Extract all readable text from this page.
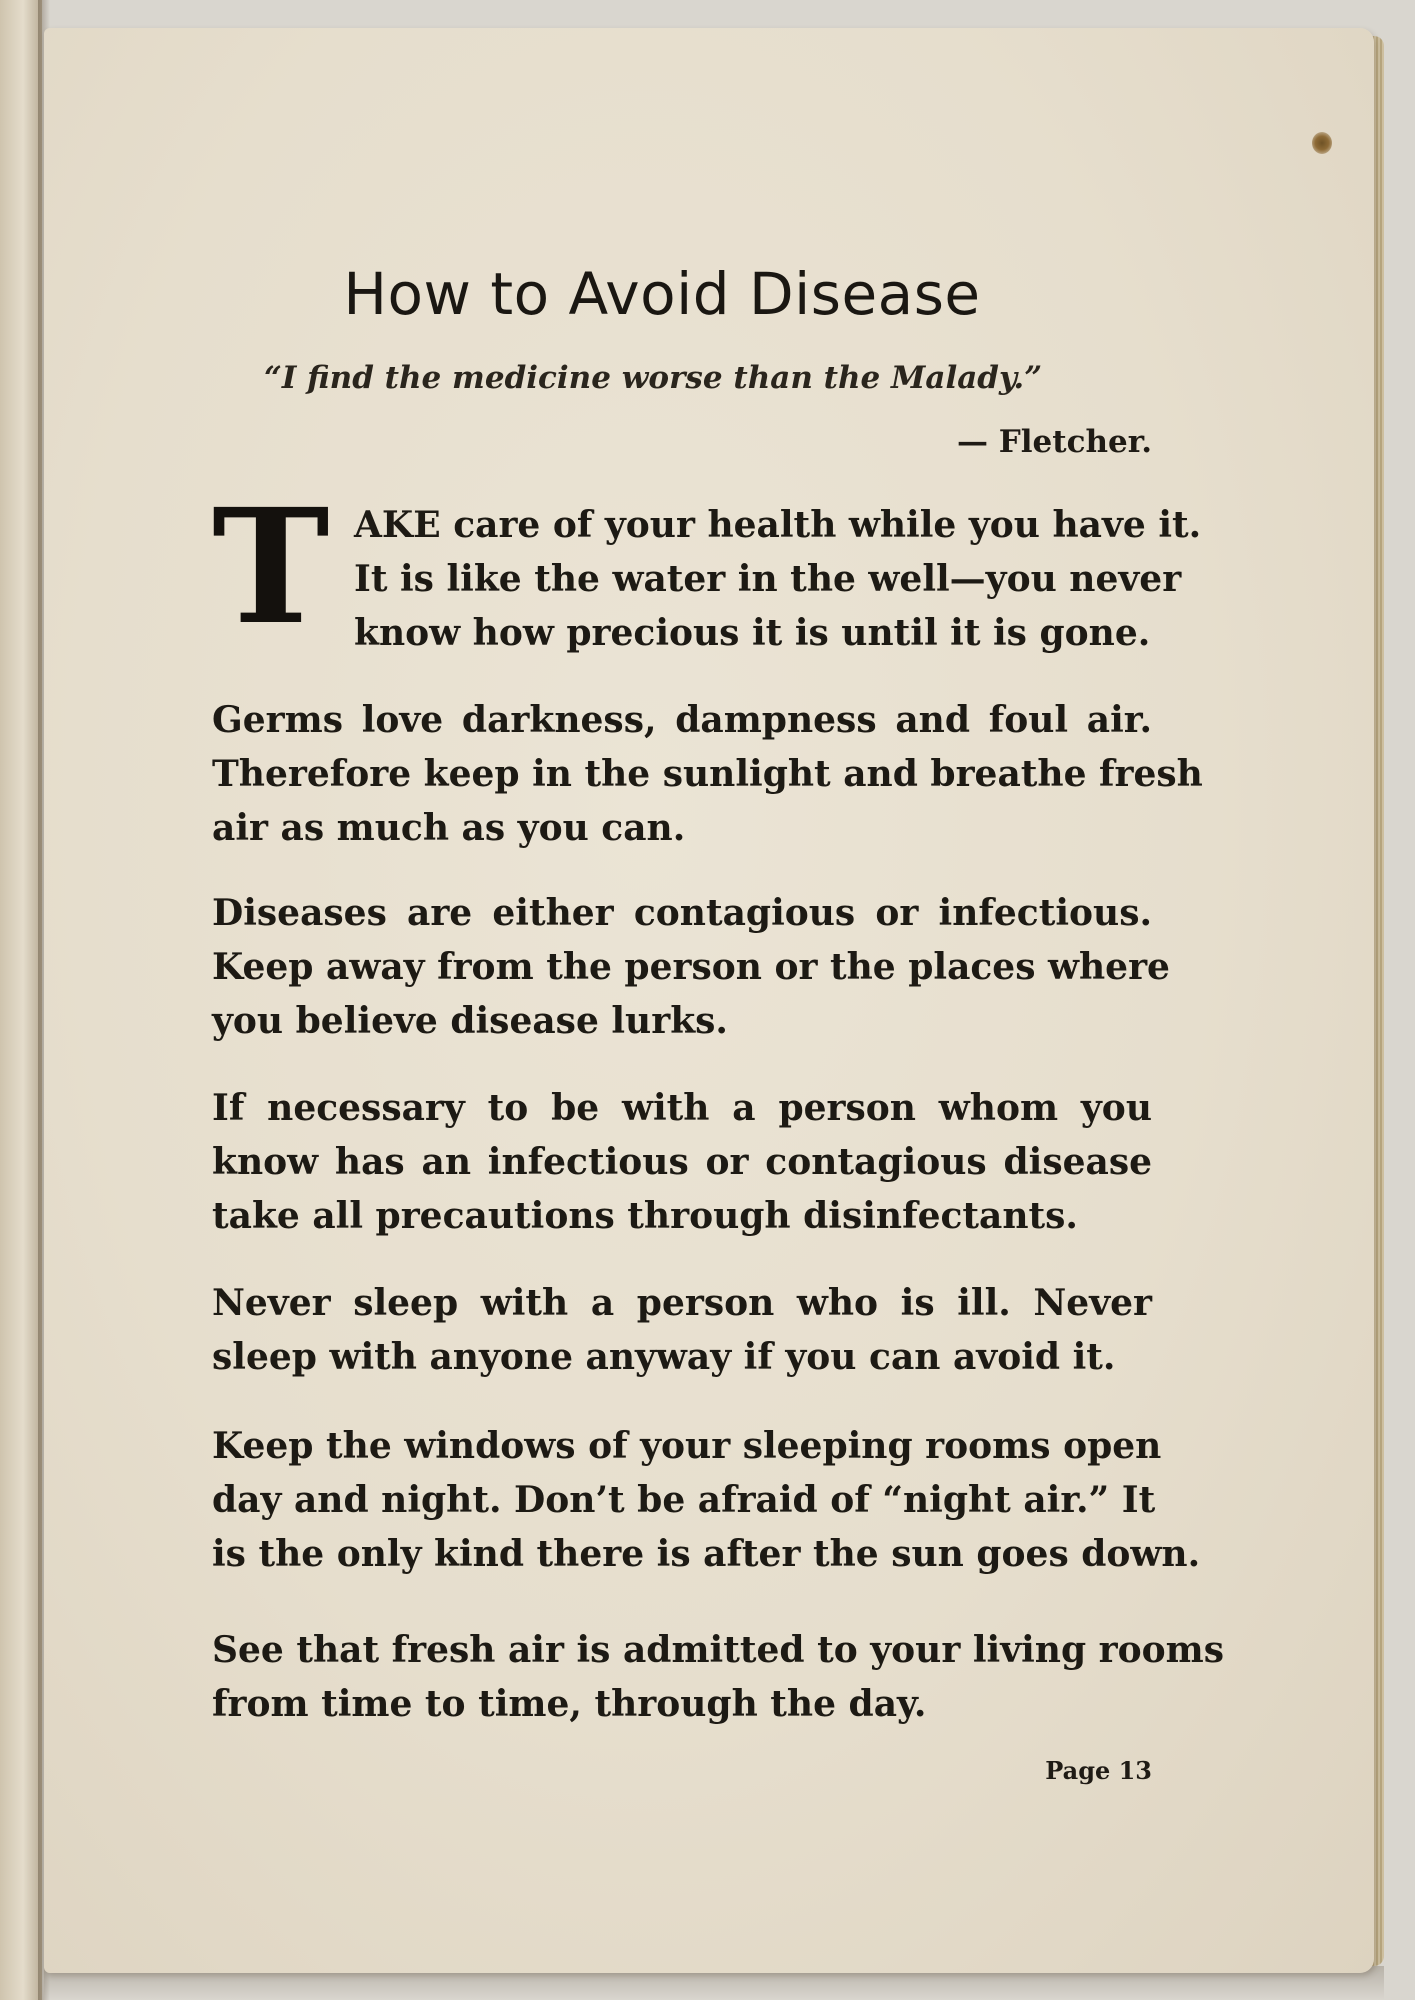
How to Avoid Disease
“I find the medicine worse than the Malady.”
— Fletcher.
T AKE care of your health while you have it.
It is like the water in the well—you never
know how precious it is until it is gone.
Germs love darkness, dampness and foul air.
Therefore keep in the sunlight and breathe fresh
air as much as you can.
Diseases are either contagious or infectious.
Keep away from the person or the places where
you believe disease lurks.
If necessary to be with a person whom you
know has an infectious or contagious disease
take all precautions through disinfectants.
Never sleep with a person who is ill. Never
sleep with anyone anyway if you can avoid it.
Keep the windows of your sleeping rooms open
day and night. Don’t be afraid of “night air.” It
is the only kind there is after the sun goes down.
See that fresh air is admitted to your living rooms
from time to time, through the day.
Page 13
